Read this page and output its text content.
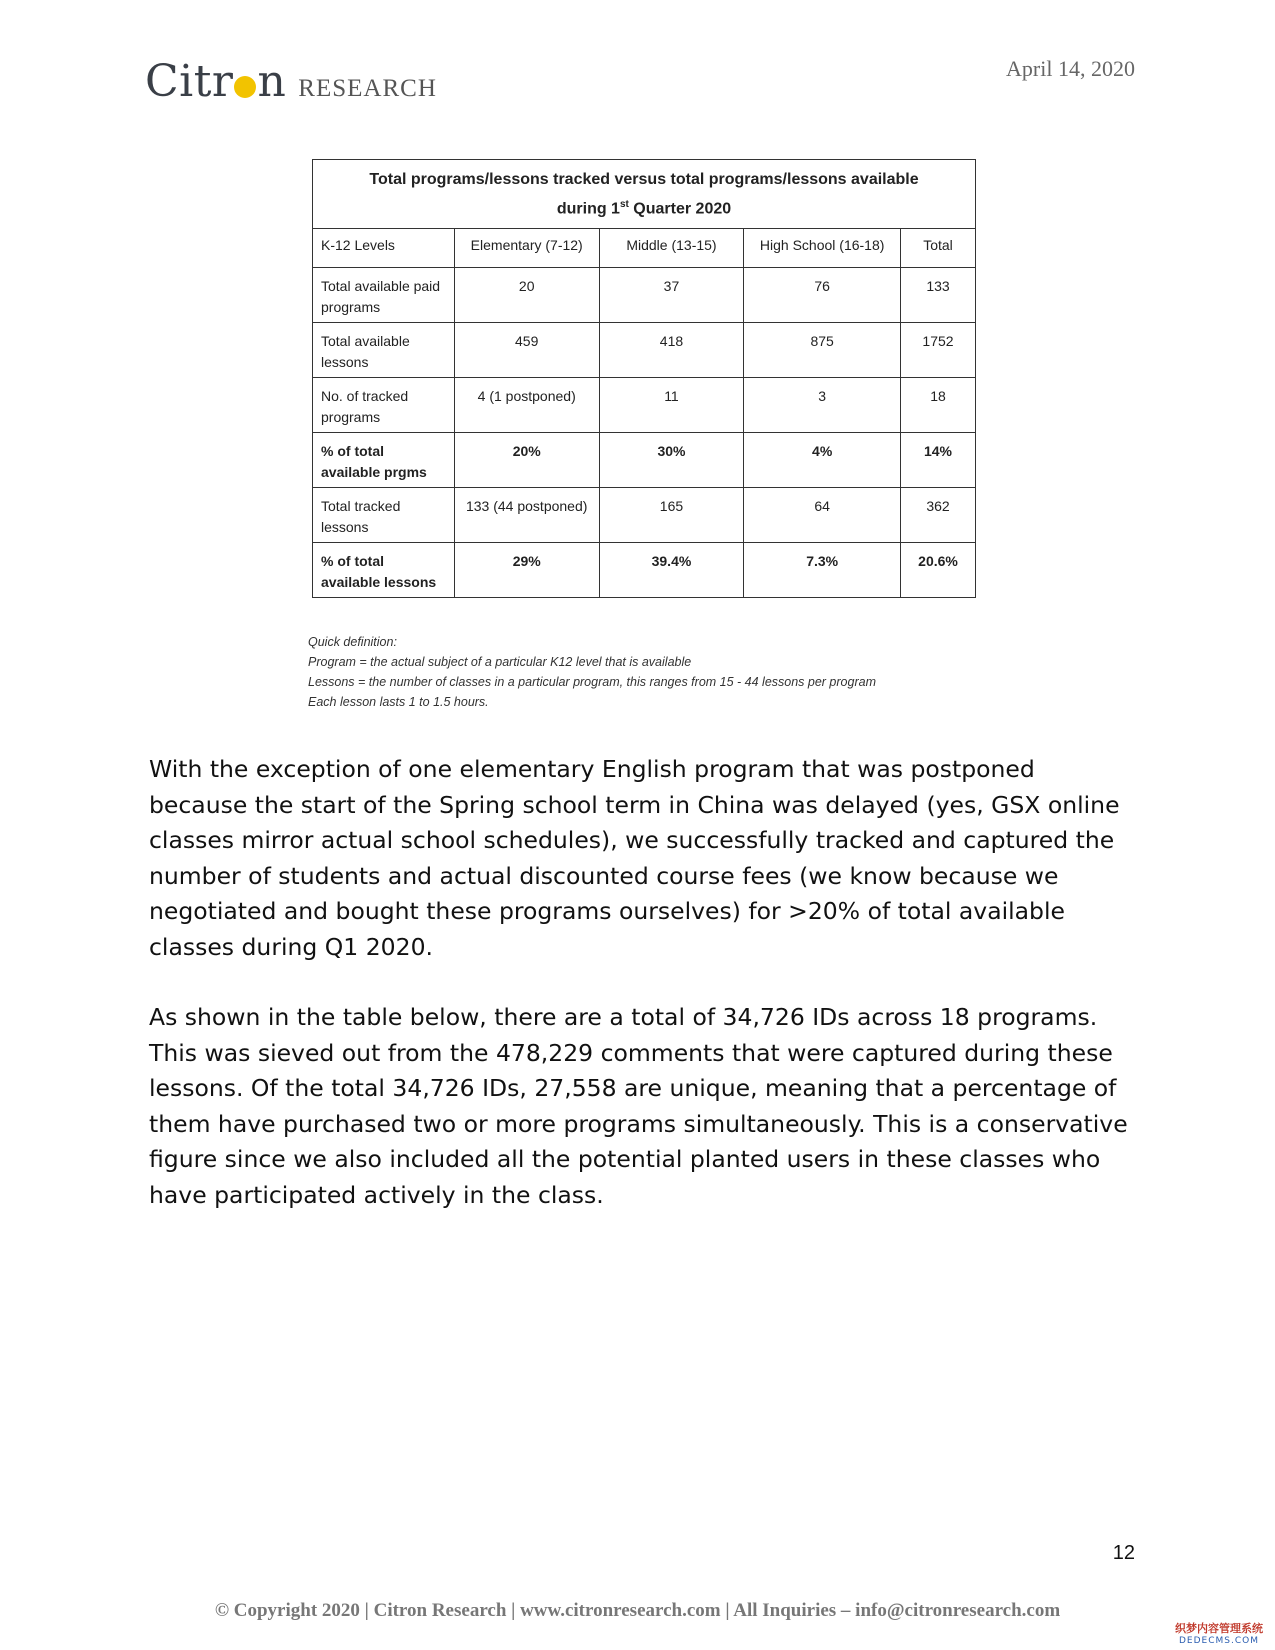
Citr n RESEARCH
April 14, 2020
Total programs/lessons tracked versus total programs/lessons available
during 1st Quarter 2020				
K-12 Levels	Elementary (7-12)	Middle (13-15)	High School (16-18)	Total
Total available paid programs	20	37	76	133
Total available lessons	459	418	875	1752
No. of tracked programs	4 (1 postponed)	11	3	18
% of total available prgms	20%	30%	4%	14%
Total tracked lessons	133 (44 postponed)	165	64	362
% of total available lessons	29%	39.4%	7.3%	20.6%
Quick definition:
Program = the actual subject of a particular K12 level that is available
Lessons = the number of classes in a particular program, this ranges from 15 - 44 lessons per program
Each lesson lasts 1 to 1.5 hours.

With the exception of one elementary English program that was postponed because the start of the Spring school term in China was delayed (yes, GSX online classes mirror actual school schedules), we successfully tracked and captured the number of students and actual discounted course fees (we know because we negotiated and bought these programs ourselves) for >20% of total available classes during Q1 2020.

As shown in the table below, there are a total of 34,726 IDs across 18 programs. This was sieved out from the 478,229 comments that were captured during these lessons. Of the total 34,726 IDs, 27,558 are unique, meaning that a percentage of them have purchased two or more programs simultaneously. This is a conservative figure since we also included all the potential planted users in these classes who have participated actively in the class.

12
© Copyright 2020 | Citron Research | www.citronresearch.com | All Inquiries – info@citronresearch.com
织梦内容管理系统
DEDECMS.COM
